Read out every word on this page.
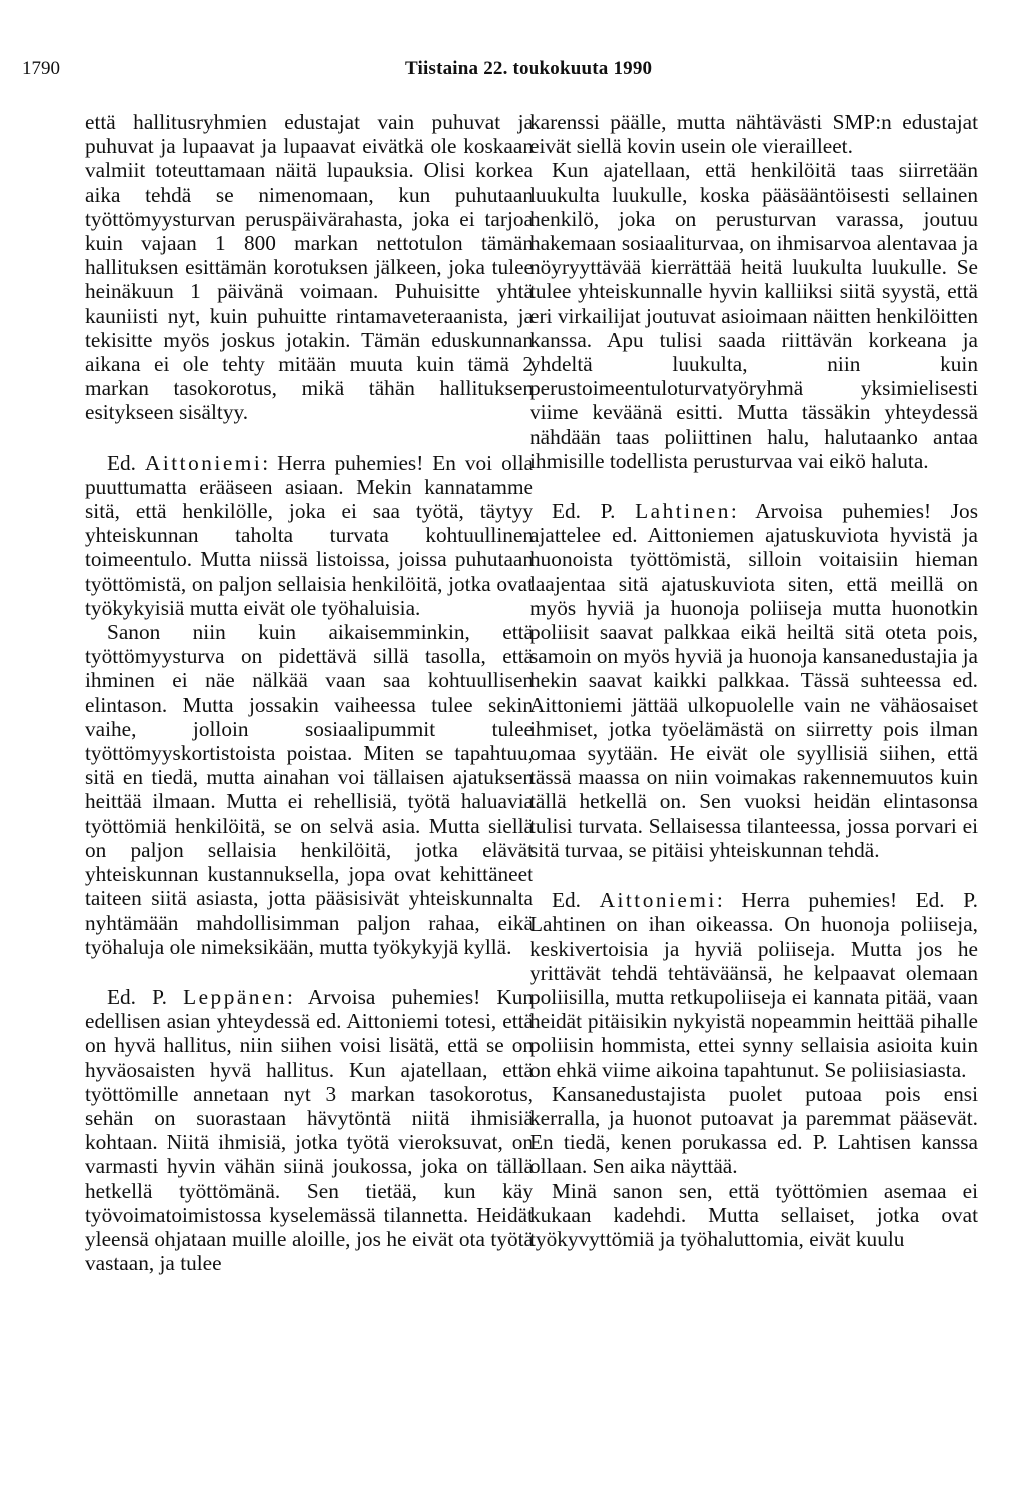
1790	Tiistaina 22. toukokuuta 1990

että hallitusryhmien edustajat vain puhuvat ja puhuvat ja lupaavat ja lupaavat eivätkä ole koskaan valmiit toteuttamaan näitä lupauksia. Olisi korkea aika tehdä se nimenomaan, kun puhutaan työttömyysturvan peruspäivärahasta, joka ei tarjoa kuin vajaan 1 800 markan nettotulon tämän hallituksen esittämän korotuksen jälkeen, joka tulee heinäkuun 1 päivänä voimaan. Puhuisitte yhtä kauniisti nyt, kuin puhuitte rintamaveteraanista, ja tekisitte myös joskus jotakin. Tämän eduskunnan aikana ei ole tehty mitään muuta kuin tämä 2 markan tasokorotus, mikä tähän hallituksen esitykseen sisältyy.

Ed. Aittoniemi: Herra puhemies! En voi olla puuttumatta erääseen asiaan. Mekin kannatamme sitä, että henkilölle, joka ei saa työtä, täytyy yhteiskunnan taholta turvata kohtuullinen toimeentulo. Mutta niissä listoissa, joissa puhutaan työttömistä, on paljon sellaisia henkilöitä, jotka ovat työkykyisiä mutta eivät ole työhaluisia.

Sanon niin kuin aikaisemminkin, että työttömyysturva on pidettävä sillä tasolla, että ihminen ei näe nälkää vaan saa kohtuullisen elintason. Mutta jossakin vaiheessa tulee sekin vaihe, jolloin sosiaalipummit tulee työttömyyskortistoista poistaa. Miten se tapahtuu, sitä en tiedä, mutta ainahan voi tällaisen ajatuksen heittää ilmaan. Mutta ei rehellisiä, työtä haluavia työttömiä henkilöitä, se on selvä asia. Mutta siellä on paljon sellaisia henkilöitä, jotka elävät yhteiskunnan kustannuksella, jopa ovat kehittäneet taiteen siitä asiasta, jotta pääsisivät yhteiskunnalta nyhtämään mahdollisimman paljon rahaa, eikä työhaluja ole nimeksikään, mutta työkykyjä kyllä.

Ed. P. Leppänen: Arvoisa puhemies! Kun edellisen asian yhteydessä ed. Aittoniemi totesi, että on hyvä hallitus, niin siihen voisi lisätä, että se on hyväosaisten hyvä hallitus. Kun ajatellaan, että työttömille annetaan nyt 3 markan tasokorotus, sehän on suorastaan hävytöntä niitä ihmisiä kohtaan. Niitä ihmisiä, jotka työtä vieroksuvat, on varmasti hyvin vähän siinä joukossa, joka on tällä hetkellä työttömänä. Sen tietää, kun käy työvoimatoimistossa kyselemässä tilannetta. Heidät yleensä ohjataan muille aloille, jos he eivät ota työtä vastaan, ja tulee

karenssi päälle, mutta nähtävästi SMP:n edustajat eivät siellä kovin usein ole vierailleet.

Kun ajatellaan, että henkilöitä taas siirretään luukulta luukulle, koska pääsääntöisesti sellainen henkilö, joka on perusturvan varassa, joutuu hakemaan sosiaaliturvaa, on ihmisarvoa alentavaa ja nöyryyttävää kierrättää heitä luukulta luukulle. Se tulee yhteiskunnalle hyvin kalliiksi siitä syystä, että eri virkailijat joutuvat asioimaan näitten henkilöitten kanssa. Apu tulisi saada riittävän korkeana ja yhdeltä luukulta, niin kuin perustoimeentuloturvatyöryhmä yksimielisesti viime keväänä esitti. Mutta tässäkin yhteydessä nähdään taas poliittinen halu, halutaanko antaa ihmisille todellista perusturvaa vai eikö haluta.

Ed. P. Lahtinen: Arvoisa puhemies! Jos ajattelee ed. Aittoniemen ajatuskuviota hyvistä ja huonoista työttömistä, silloin voitaisiin hieman laajentaa sitä ajatuskuviota siten, että meillä on myös hyviä ja huonoja poliiseja mutta huonotkin poliisit saavat palkkaa eikä heiltä sitä oteta pois, samoin on myös hyviä ja huonoja kansanedustajia ja hekin saavat kaikki palkkaa. Tässä suhteessa ed. Aittoniemi jättää ulkopuolelle vain ne vähäosaiset ihmiset, jotka työelämästä on siirretty pois ilman omaa syytään. He eivät ole syyllisiä siihen, että tässä maassa on niin voimakas rakennemuutos kuin tällä hetkellä on. Sen vuoksi heidän elintasonsa tulisi turvata. Sellaisessa tilanteessa, jossa porvari ei sitä turvaa, se pitäisi yhteiskunnan tehdä.

Ed. Aittoniemi: Herra puhemies! Ed. P. Lahtinen on ihan oikeassa. On huonoja poliiseja, keskivertoisia ja hyviä poliiseja. Mutta jos he yrittävät tehdä tehtäväänsä, he kelpaavat olemaan poliisilla, mutta retkupoliiseja ei kannata pitää, vaan heidät pitäisikin nykyistä nopeammin heittää pihalle poliisin hommista, ettei synny sellaisia asioita kuin on ehkä viime aikoina tapahtunut. Se poliisiasiasta.

Kansanedustajista puolet putoaa pois ensi kerralla, ja huonot putoavat ja paremmat pääsevät. En tiedä, kenen porukassa ed. P. Lahtisen kanssa ollaan. Sen aika näyttää.

Minä sanon sen, että työttömien asemaa ei kukaan kadehdi. Mutta sellaiset, jotka ovat työkyvyttömiä ja työhaluttomia, eivät kuulu
